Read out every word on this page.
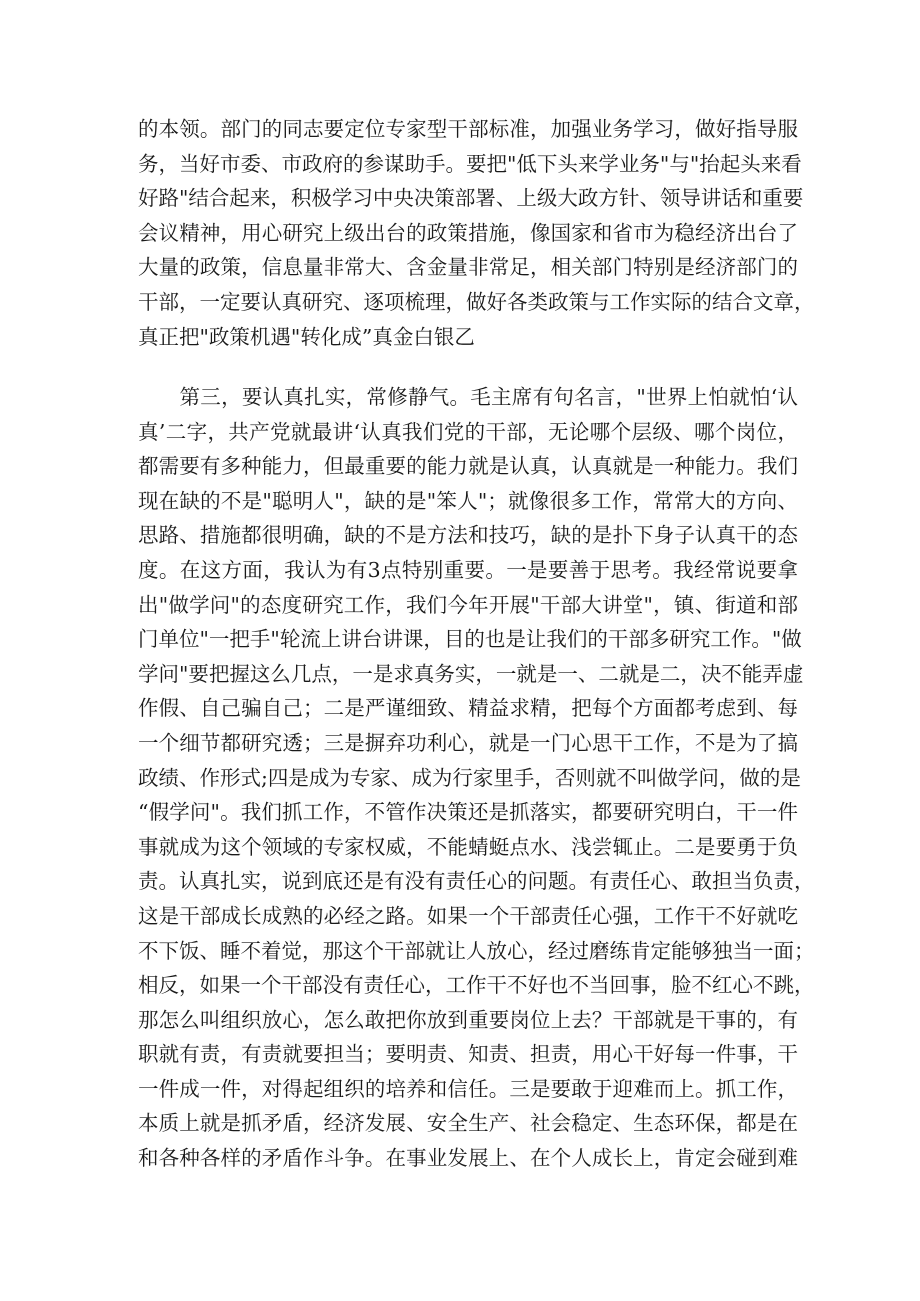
的本领。部门的同志要定位专家型干部标准，加强业务学习，做好指导服
务，当好市委、市政府的参谋助手。要把"低下头来学业务"与"抬起头来看
好路"结合起来，积极学习中央决策部署、上级大政方针、领导讲话和重要
会议精神，用心研究上级出台的政策措施，像国家和省市为稳经济出台了
大量的政策，信息量非常大、含金量非常足，相关部门特别是经济部门的
干部，一定要认真研究、逐项梳理，做好各类政策与工作实际的结合文章，
真正把"政策机遇"转化成”真金白银乙
　　第三，要认真扎实，常修静气。毛主席有句名言，"世界上怕就怕‘认
真’二字，共产党就最讲‘认真我们党的干部，无论哪个层级、哪个岗位，
都需要有多种能力，但最重要的能力就是认真，认真就是一种能力。我们
现在缺的不是"聪明人"，缺的是"笨人"；就像很多工作，常常大的方向、
思路、措施都很明确，缺的不是方法和技巧，缺的是扑下身子认真干的态
度。在这方面，我认为有3点特别重要。一是要善于思考。我经常说要拿
出"做学问"的态度研究工作，我们今年开展"干部大讲堂"，镇、街道和部
门单位"一把手"轮流上讲台讲课，目的也是让我们的干部多研究工作。"做
学问"要把握这么几点，一是求真务实，一就是一、二就是二，决不能弄虚
作假、自己骗自己；二是严谨细致、精益求精，把每个方面都考虑到、每
一个细节都研究透；三是摒弃功利心，就是一门心思干工作，不是为了搞
政绩、作形式;四是成为专家、成为行家里手，否则就不叫做学问，做的是
“假学问"。我们抓工作，不管作决策还是抓落实，都要研究明白，干一件
事就成为这个领域的专家权威，不能蜻蜓点水、浅尝辄止。二是要勇于负
责。认真扎实，说到底还是有没有责任心的问题。有责任心、敢担当负责，
这是干部成长成熟的必经之路。如果一个干部责任心强，工作干不好就吃
不下饭、睡不着觉，那这个干部就让人放心，经过磨练肯定能够独当一面；
相反，如果一个干部没有责任心，工作干不好也不当回事，脸不红心不跳，
那怎么叫组织放心，怎么敢把你放到重要岗位上去？干部就是干事的，有
职就有责，有责就要担当；要明责、知责、担责，用心干好每一件事，干
一件成一件，对得起组织的培养和信任。三是要敢于迎难而上。抓工作，
本质上就是抓矛盾，经济发展、安全生产、社会稳定、生态环保，都是在
和各种各样的矛盾作斗争。在事业发展上、在个人成长上，肯定会碰到难
